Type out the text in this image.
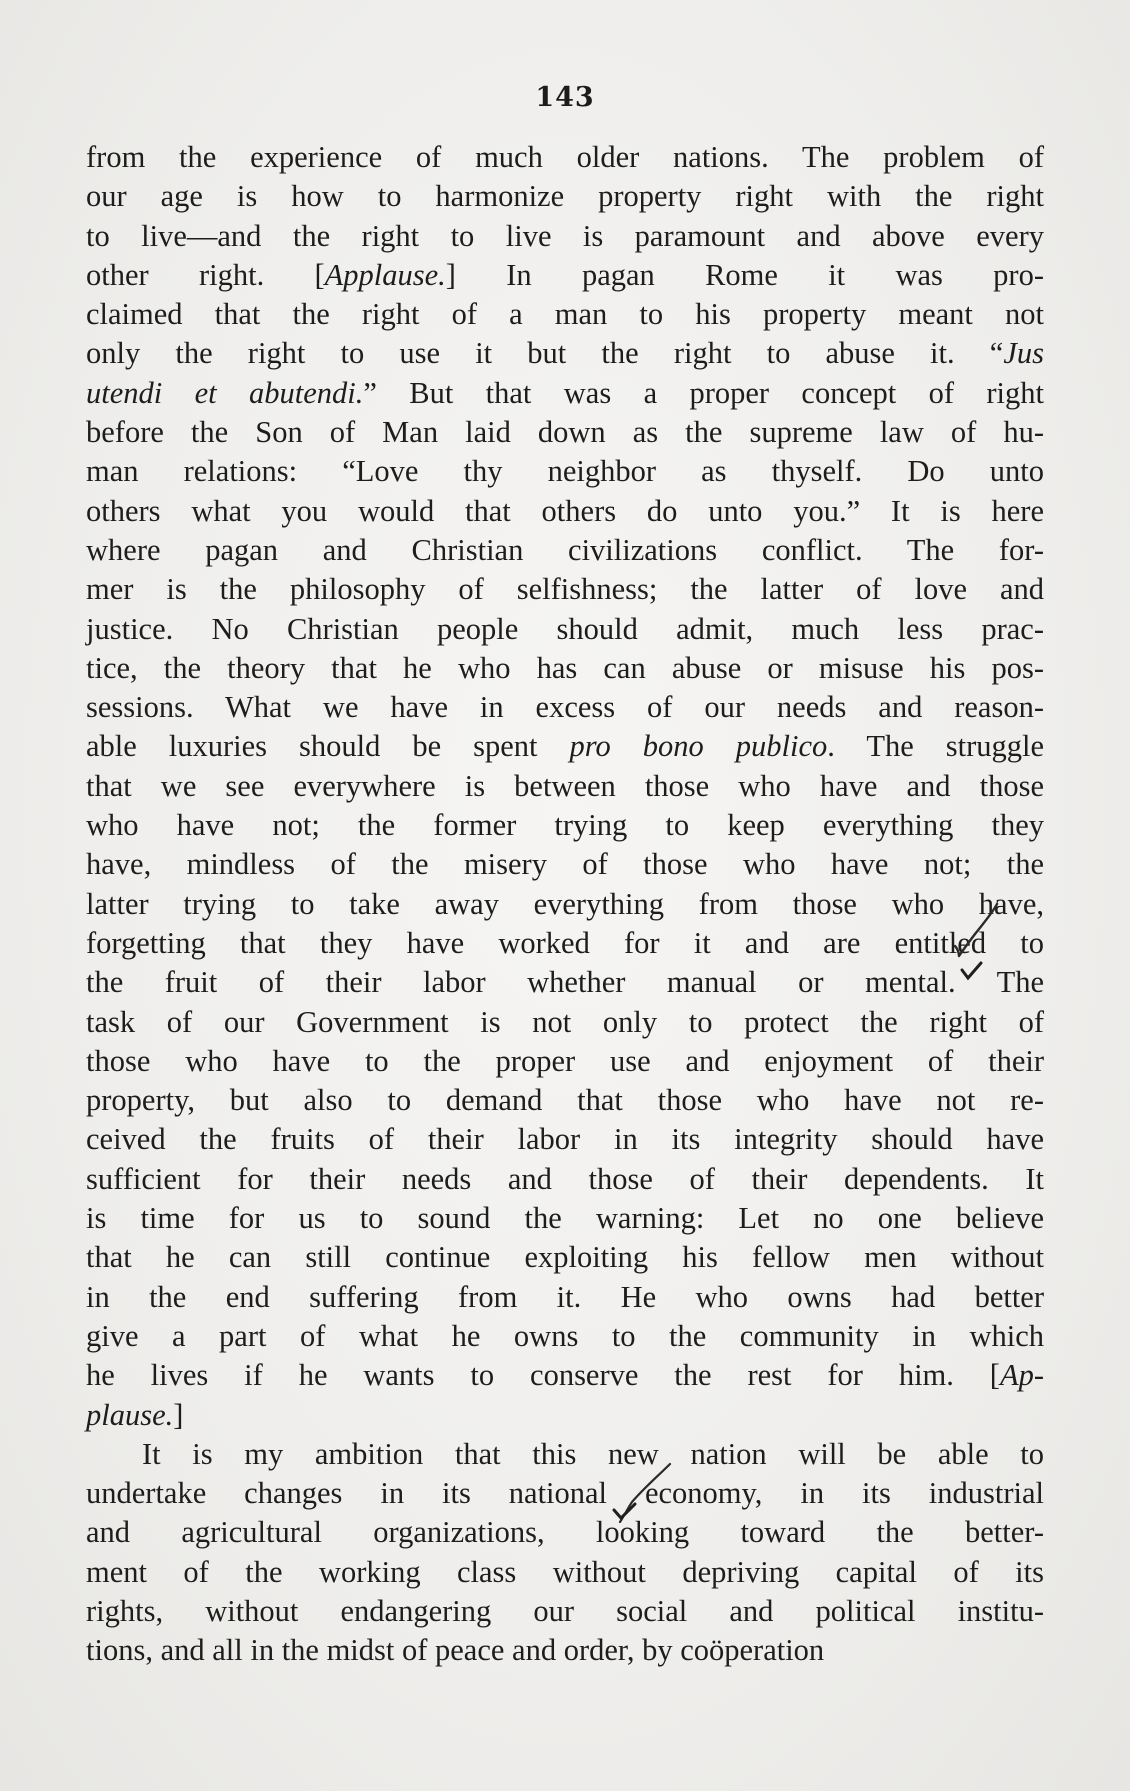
143

from the experience of much older nations. The problem of
our age is how to harmonize property right with the right
to live—and the right to live is paramount and above every
other right. [Applause.] In pagan Rome it was pro-
claimed that the right of a man to his property meant not
only the right to use it but the right to abuse it. “Jus
utendi et abutendi.” But that was a proper concept of right
before the Son of Man laid down as the supreme law of hu-
man relations: “Love thy neighbor as thyself. Do unto
others what you would that others do unto you.” It is here
where pagan and Christian civilizations conflict. The for-
mer is the philosophy of selfishness; the latter of love and
justice. No Christian people should admit, much less prac-
tice, the theory that he who has can abuse or misuse his pos-
sessions. What we have in excess of our needs and reason-
able luxuries should be spent pro bono publico. The struggle
that we see everywhere is between those who have and those
who have not; the former trying to keep everything they
have, mindless of the misery of those who have not; the
latter trying to take away everything from those who have,
forgetting that they have worked for it and are entitled to
the fruit of their labor whether manual or mental. The
task of our Government is not only to protect the right of
those who have to the proper use and enjoyment of their
property, but also to demand that those who have not re-
ceived the fruits of their labor in its integrity should have
sufficient for their needs and those of their dependents. It
is time for us to sound the warning: Let no one believe
that he can still continue exploiting his fellow men without
in the end suffering from it. He who owns had better
give a part of what he owns to the community in which
he lives if he wants to conserve the rest for him. [Ap-
plause.]

It is my ambition that this new nation will be able to
undertake changes in its national economy, in its industrial
and agricultural organizations, looking toward the better-
ment of the working class without depriving capital of its
rights, without endangering our social and political institu-
tions, and all in the midst of peace and order, by coöperation
